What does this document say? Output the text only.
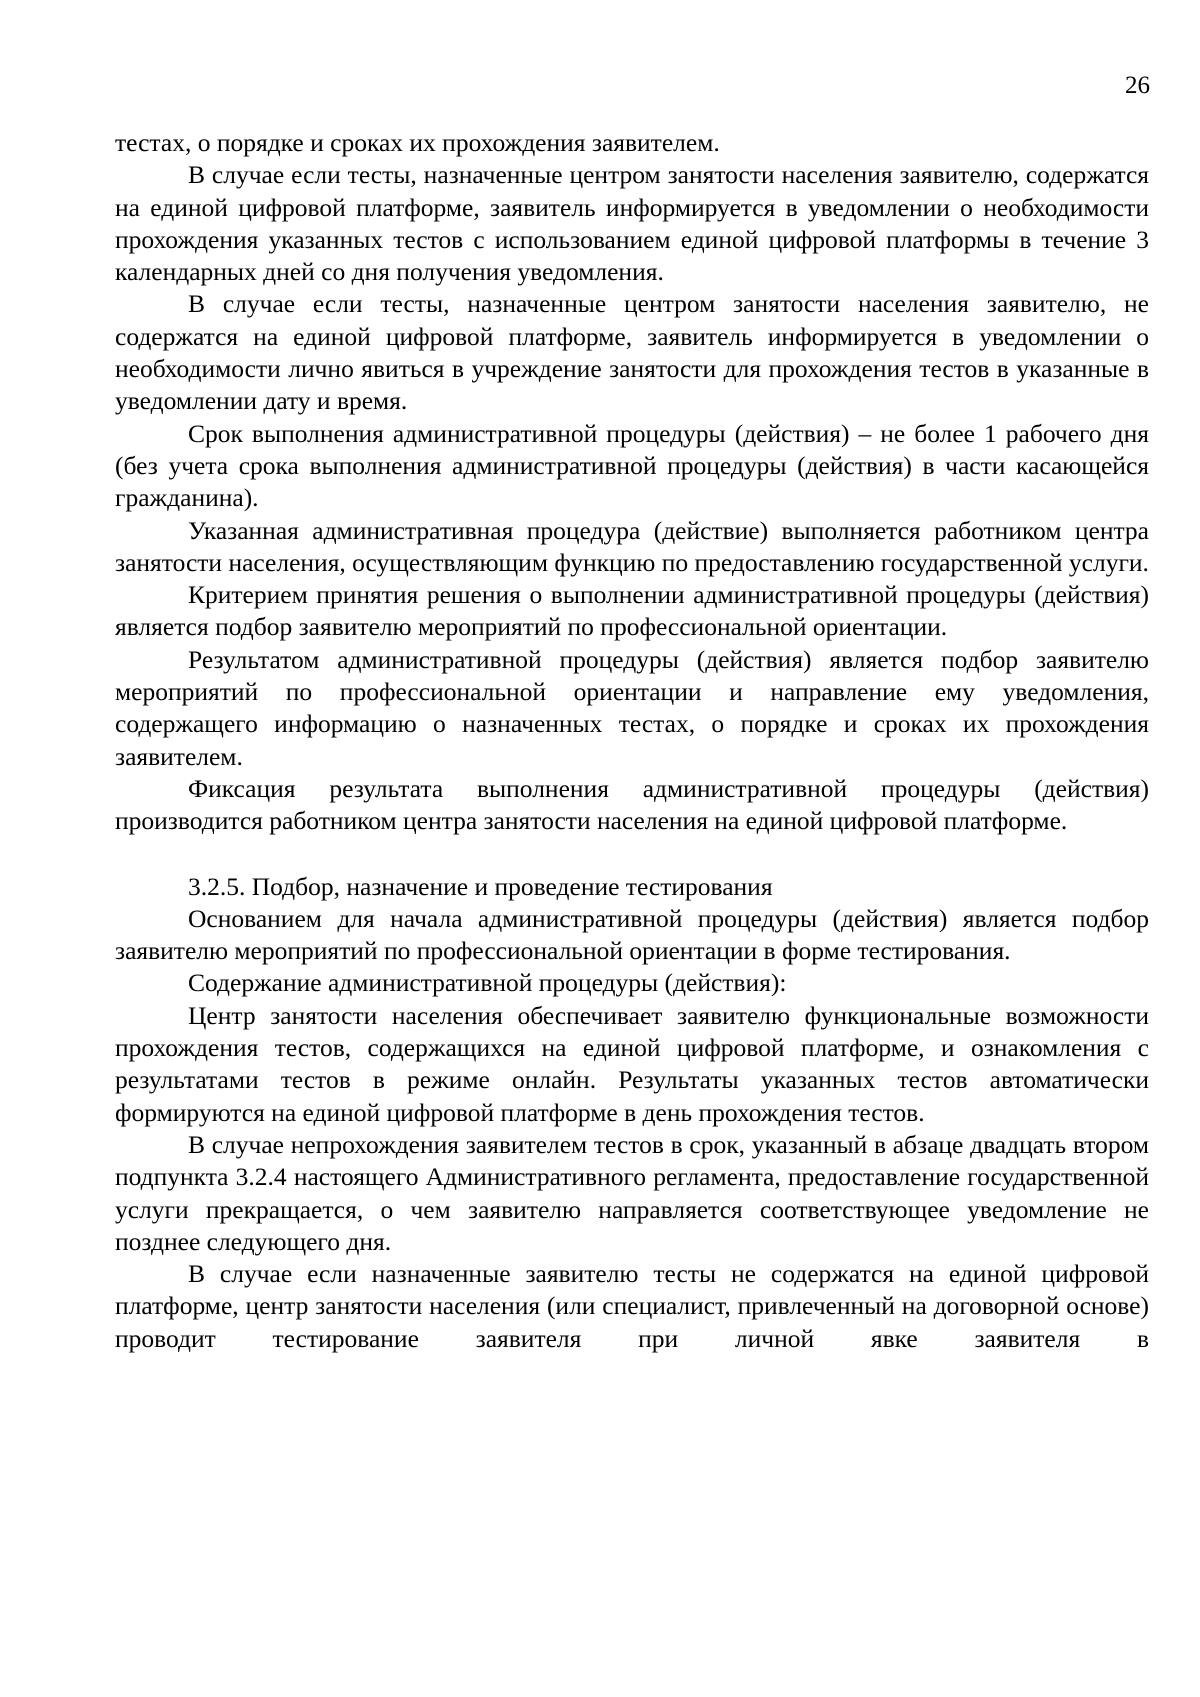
26

тестах, о порядке и сроках их прохождения заявителем.

В случае если тесты, назначенные центром занятости населения заявителю, содержатся на единой цифровой платформе, заявитель информируется в уведомлении о необходимости прохождения указанных тестов с использованием единой цифровой платформы в течение 3 календарных дней со дня получения уведомления.

В случае если тесты, назначенные центром занятости населения заявителю, не содержатся на единой цифровой платформе, заявитель информируется в уведомлении о необходимости лично явиться в учреждение занятости для прохождения тестов в указанные в уведомлении дату и время.

Срок выполнения административной процедуры (действия) – не более 1 рабочего дня (без учета срока выполнения административной процедуры (действия) в части касающейся гражданина).

Указанная административная процедура (действие) выполняется работником центра занятости населения, осуществляющим функцию по предоставлению государственной услуги.

Критерием принятия решения о выполнении административной процедуры (действия) является подбор заявителю мероприятий по профессиональной ориентации.

Результатом административной процедуры (действия) является подбор заявителю мероприятий по профессиональной ориентации и направление ему уведомления, содержащего информацию о назначенных тестах, о порядке и сроках их прохождения заявителем.

Фиксация результата выполнения административной процедуры (действия) производится работником центра занятости населения на единой цифровой платформе.

3.2.5. Подбор, назначение и проведение тестирования

Основанием для начала административной процедуры (действия) является подбор заявителю мероприятий по профессиональной ориентации в форме тестирования.

Содержание административной процедуры (действия):

Центр занятости населения обеспечивает заявителю функциональные возможности прохождения тестов, содержащихся на единой цифровой платформе, и ознакомления с результатами тестов в режиме онлайн. Результаты указанных тестов автоматически формируются на единой цифровой платформе в день прохождения тестов.

В случае непрохождения заявителем тестов в срок, указанный в абзаце двадцать втором подпункта 3.2.4 настоящего Административного регламента, предоставление государственной услуги прекращается, о чем заявителю направляется соответствующее уведомление не позднее следующего дня.

В случае если назначенные заявителю тесты не содержатся на единой цифровой платформе, центр занятости населения (или специалист, привлеченный на договорной основе) проводит тестирование заявителя при личной явке заявителя в
